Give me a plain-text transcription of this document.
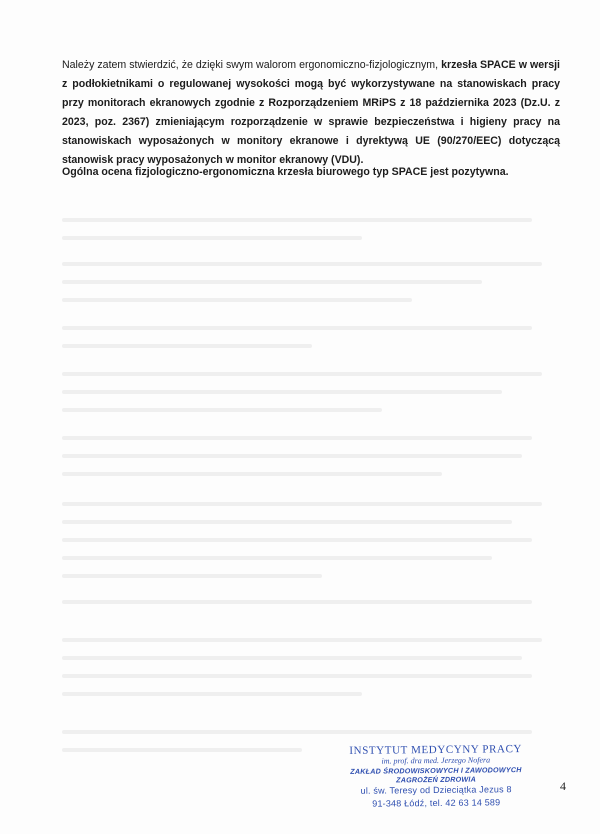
Należy zatem stwierdzić, że dzięki swym walorom ergonomiczno-fizjologicznym, krzesła SPACE w wersji z podłokietnikami o regulowanej wysokości mogą być wykorzystywane na stanowiskach pracy przy monitorach ekranowych zgodnie z Rozporządzeniem MRiPS z 18 października 2023 (Dz.U. z 2023, poz. 2367) zmieniającym rozporządzenie w sprawie bezpieczeństwa i higieny pracy na stanowiskach wyposażonych w monitory ekranowe i dyrektywą UE (90/270/EEC) dotyczącą stanowisk pracy wyposażonych w monitor ekranowy (VDU).

Ogólna ocena fizjologiczno-ergonomiczna krzesła biurowego typ SPACE jest pozytywna.
INSTYTUT MEDYCYNY PRACY
im. prof. dra med. Jerzego Nofera
ZAKŁAD ŚRODOWISKOWYCH I ZAWODOWYCH
ZAGROŻEŃ ZDROWIA
ul. św. Teresy od Dzieciątka Jezus 8
91-348 Łódź, tel. 42 63 14 589
4
